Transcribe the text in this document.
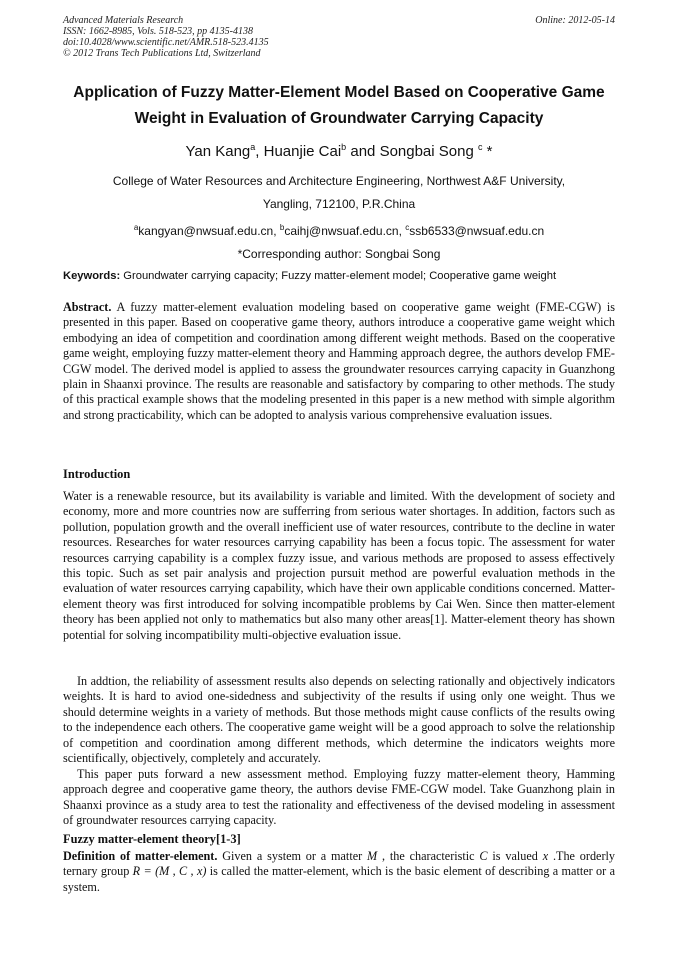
Advanced Materials Research
ISSN: 1662-8985, Vols. 518-523, pp 4135-4138
doi:10.4028/www.scientific.net/AMR.518-523.4135
© 2012 Trans Tech Publications Ltd, Switzerland
Online: 2012-05-14
Application of Fuzzy Matter-Element Model Based on Cooperative Game
Weight in Evaluation of Groundwater Carrying Capacity
Yan Kang$^a$, Huanjie Cai$^b$ and Songbai Song $^c$ *
College of Water Resources and Architecture Engineering, Northwest A&F University,
Yangling, 712100, P.R.China
$^a$kangyan@nwsuaf.edu.cn, $^b$caihj@nwsuaf.edu.cn, $^c$ssb6533@nwsuaf.edu.cn
*Corresponding author: Songbai Song
Keywords: Groundwater carrying capacity; Fuzzy matter-element model; Cooperative game weight
Abstract. A fuzzy matter-element evaluation modeling based on cooperative game weight (FME-CGW) is presented in this paper. Based on cooperative game theory, authors introduce a cooperative game weight which embodying an idea of competition and coordination among different weight methods. Based on the cooperative game weight, employing fuzzy matter-element theory and Hamming approach degree, the authors develop FME-CGW model. The derived model is applied to assess the groundwater resources carrying capacity in Guanzhong plain in Shaanxi province. The results are reasonable and satisfactory by comparing to other methods. The study of this practical example shows that the modeling presented in this paper is a new method with simple algorithm and strong practicability, which can be adopted to analysis various comprehensive evaluation issues.
Introduction
Water is a renewable resource, but its availability is variable and limited. With the development of society and economy, more and more countries now are sufferring from serious water shortages. In addition, factors such as pollution, population growth and the overall inefficient use of water resources, contribute to the decline in water resources. Researches for water resources carrying capability has been a focus topic. The assessment for water resources carrying capability is a complex fuzzy issue, and various methods are proposed to assess effectively this topic. Such as set pair analysis and projection pursuit method are powerful evaluation methods in the evaluation of water resources carrying capability, which have their own applicable conditions concerned. Matter-element theory was first introduced for solving incompatible problems by Cai Wen. Since then matter-element theory has been applied not only to mathematics but also many other areas[1]. Matter-element theory has shown potential for solving incompatibility multi-objective evaluation issue.
In addtion, the reliability of assessment results also depends on selecting rationally and objectively indicators weights. It is hard to aviod one-sidedness and subjectivity of the results if using only one weight. Thus we should determine weights in a variety of methods. But those methods might cause conflicts of the results owing to the independence each others. The cooperative game weight will be a good approach to solve the relationship of competition and coordination among different methods, which determine the indicators weights more scientifically, objectively, completely and accurately.
This paper puts forward a new assessment method. Employing fuzzy matter-element theory, Hamming approach degree and cooperative game theory, the authors devise FME-CGW model. Take Guanzhong plain in Shaanxi province as a study area to test the rationality and effectiveness of the devised modeling in assessment of groundwater resources carrying capacity.
Fuzzy matter-element theory[1-3]
Definition of matter-element. Given a system or a matter M , the characteristic C is valued x .The orderly ternary group R = (M , C , x) is called the matter-element, which is the basic element of describing a matter or a system.
